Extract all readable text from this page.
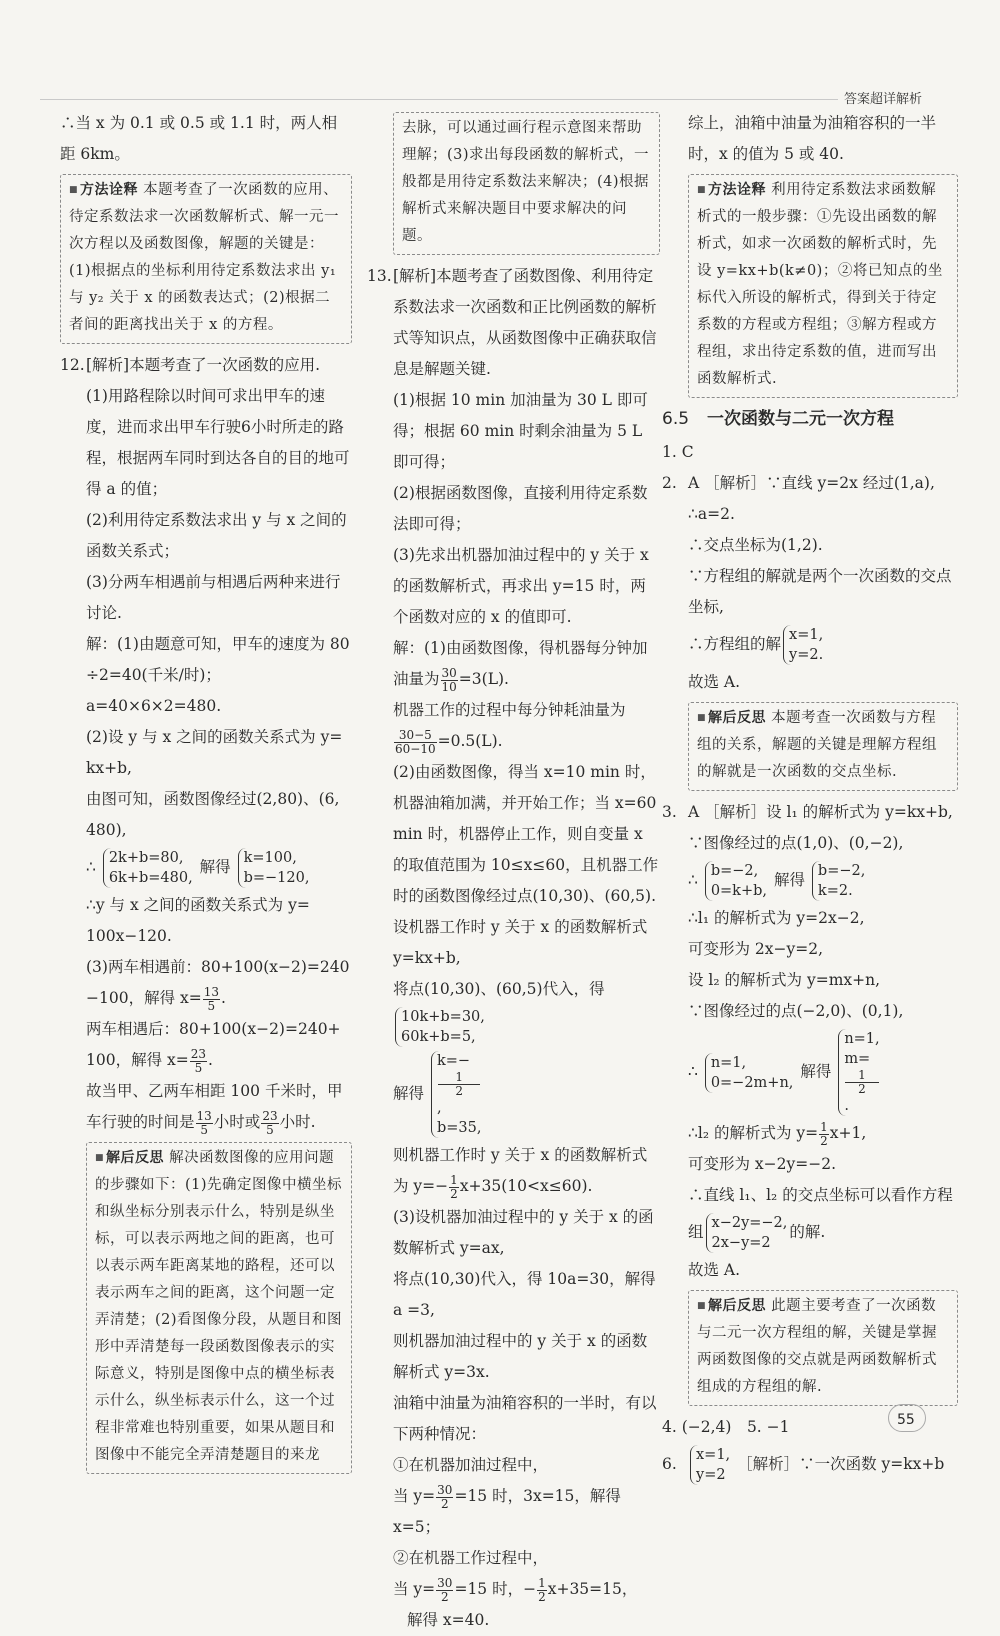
答案超详解析

∴当 x 为 0.1 或 0.5 或 1.1 时，两人相距 6km。

■ 方法诠释 本题考查了一次函数的应用、待定系数法求一次函数解析式、解一元一次方程以及函数图像，解题的关键是：(1)根据点的坐标利用待定系数法求出 y₁ 与 y₂ 关于 x 的函数表达式；(2)根据二者间的距离找出关于 x 的方程。

12.[解析]本题考查了一次函数的应用.

(1)用路程除以时间可求出甲车的速度，进而求出甲车行驶6小时所走的路程，根据两车同时到达各自的目的地可得 a 的值；

(2)利用待定系数法求出 y 与 x 之间的函数关系式；

(3)分两车相遇前与相遇后两种来进行讨论.

解：(1)由题意可知，甲车的速度为 80 ÷2=40(千米/时)；

a=40×6×2=480.

(2)设 y 与 x 之间的函数关系式为 y= kx+b,

由图可知，函数图像经过(2,80)、(6, 480),

∴ 2k+b=80,
6k+b=480,
解得 k=100,
b=−120,

∴y 与 x 之间的函数关系式为 y= 100x−120.

(3)两车相遇前：80+100(x−2)=240 −100，解得 $x= \frac{13}{5}$ .

两车相遇后：80+100(x−2)=240+ 100，解得 $x= \frac{23}{5}$ .

故当甲、乙两车相距 100 千米时，甲车行驶的时间是 $\frac{13}{5}$ 小时或 $\frac{23}{5}$ 小时.

■ 解后反思 解决函数图像的应用问题的步骤如下：(1)先确定图像中横坐标和纵坐标分别表示什么，特别是纵坐标，可以表示两地之间的距离，也可以表示两车距离某地的路程，还可以表示两车之间的距离，这个问题一定弄清楚；(2)看图像分段，从题目和图形中弄清楚每一段函数图像表示的实际意义，特别是图像中点的横坐标表示什么，纵坐标表示什么，这一个过程非常难也特别重要，如果从题目和图像中不能完全弄清楚题目的来龙
去脉，可以通过画行程示意图来帮助理解；(3)求出每段函数的解析式，一般都是用待定系数法来解决；(4)根据解析式来解决题目中要求解决的问题。

13.[解析]本题考查了函数图像、利用待定系数法求一次函数和正比例函数的解析式等知识点，从函数图像中正确获取信息是解题关键.

(1)根据 10 min 加油量为 30 L 即可得；根据 60 min 时剩余油量为 5 L 即可得；

(2)根据函数图像，直接利用待定系数法即可得；

(3)先求出机器加油过程中的 y 关于 x 的函数解析式，再求出 y=15 时，两个函数对应的 x 的值即可.

解：(1)由函数图像，得机器每分钟加油量为 $\frac{30}{10} =3(L)$.

机器工作的过程中每分钟耗油量为

$\frac{30-5}{60-10} =0.5(L)$.

(2)由函数图像，得当 x=10 min 时，机器油箱加满，并开始工作；当 x=60 min 时，机器停止工作，则自变量 x 的取值范围为 10≤x≤60，且机器工作时的函数图像经过点(10,30)、(60,5).

设机器工作时 y 关于 x 的函数解析式 y=kx+b,

将点(10,30)、(60,5)代入，得

10k+b=30,
60k+b=5,

解得
k=−
1
2
,
b=35,

则机器工作时 y 关于 x 的函数解析式为 $y=- \frac{1}{2} x+35(10<x\le 60)$.

(3)设机器加油过程中的 y 关于 x 的函数解析式 y=ax,

将点(10,30)代入，得 10a=30，解得 a =3,

则机器加油过程中的 y 关于 x 的函数解析式 y=3x.

油箱中油量为油箱容积的一半时，有以下两种情况：

①在机器加油过程中，

当 $y= \frac{30}{2} =15$ 时，3x=15，解得 x=5；

②在机器工作过程中，

当 $y= \frac{30}{2} =15$ 时，− $\frac{1}{2} x+35=15$，

解得 x=40.

综上，油箱中油量为油箱容积的一半时，x 的值为 5 或 40.

■ 方法诠释 利用待定系数法求函数解析式的一般步骤：①先设出函数的解析式，如求一次函数的解析式时，先设 y=kx+b(k≠0)；②将已知点的坐标代入所设的解析式，得到关于待定系数的方程或方程组；③解方程或方程组，求出待定系数的值，进而写出函数解析式.
6.5 一次函数与二元一次方程

1. C

2. A ［解析］∵直线 y=2x 经过(1,a),

∴a=2.

∴交点坐标为(1,2).

∵方程组的解就是两个一次函数的交点坐标,

∴方程组的解 x=1,
y=2.

故选 A.

■ 解后反思 本题考查一次函数与方程组的关系，解题的关键是理解方程组的解就是一次函数的交点坐标.

3. A ［解析］设 l₁ 的解析式为 y=kx+b,

∵图像经过的点(1,0)、(0,−2),

∴ b=−2,
0=k+b,
解得 b=−2,
k=2.

∴l₁ 的解析式为 y=2x−2,

可变形为 2x−y=2,

设 l₂ 的解析式为 y=mx+n,

∵图像经过的点(−2,0)、(0,1),

∴ n=1,
0=−2m+n,
解得
n=1,
m=
1
2
.

∴l₂ 的解析式为 $y= \frac{1}{2} x+1$,

可变形为 x−2y=−2.

∴直线 l₁、l₂ 的交点坐标可以看作方程

组 x−2y=−2,
2x−y=2
的解.

故选 A.

■ 解后反思 此题主要考查了一次函数与二元一次方程组的解，关键是掌握两函数图像的交点就是两函数解析式组成的方程组的解.

4. (−2,4)　5. −1

6. x=1,
y=2
［解析］∵一次函数 y=kx+b

55
